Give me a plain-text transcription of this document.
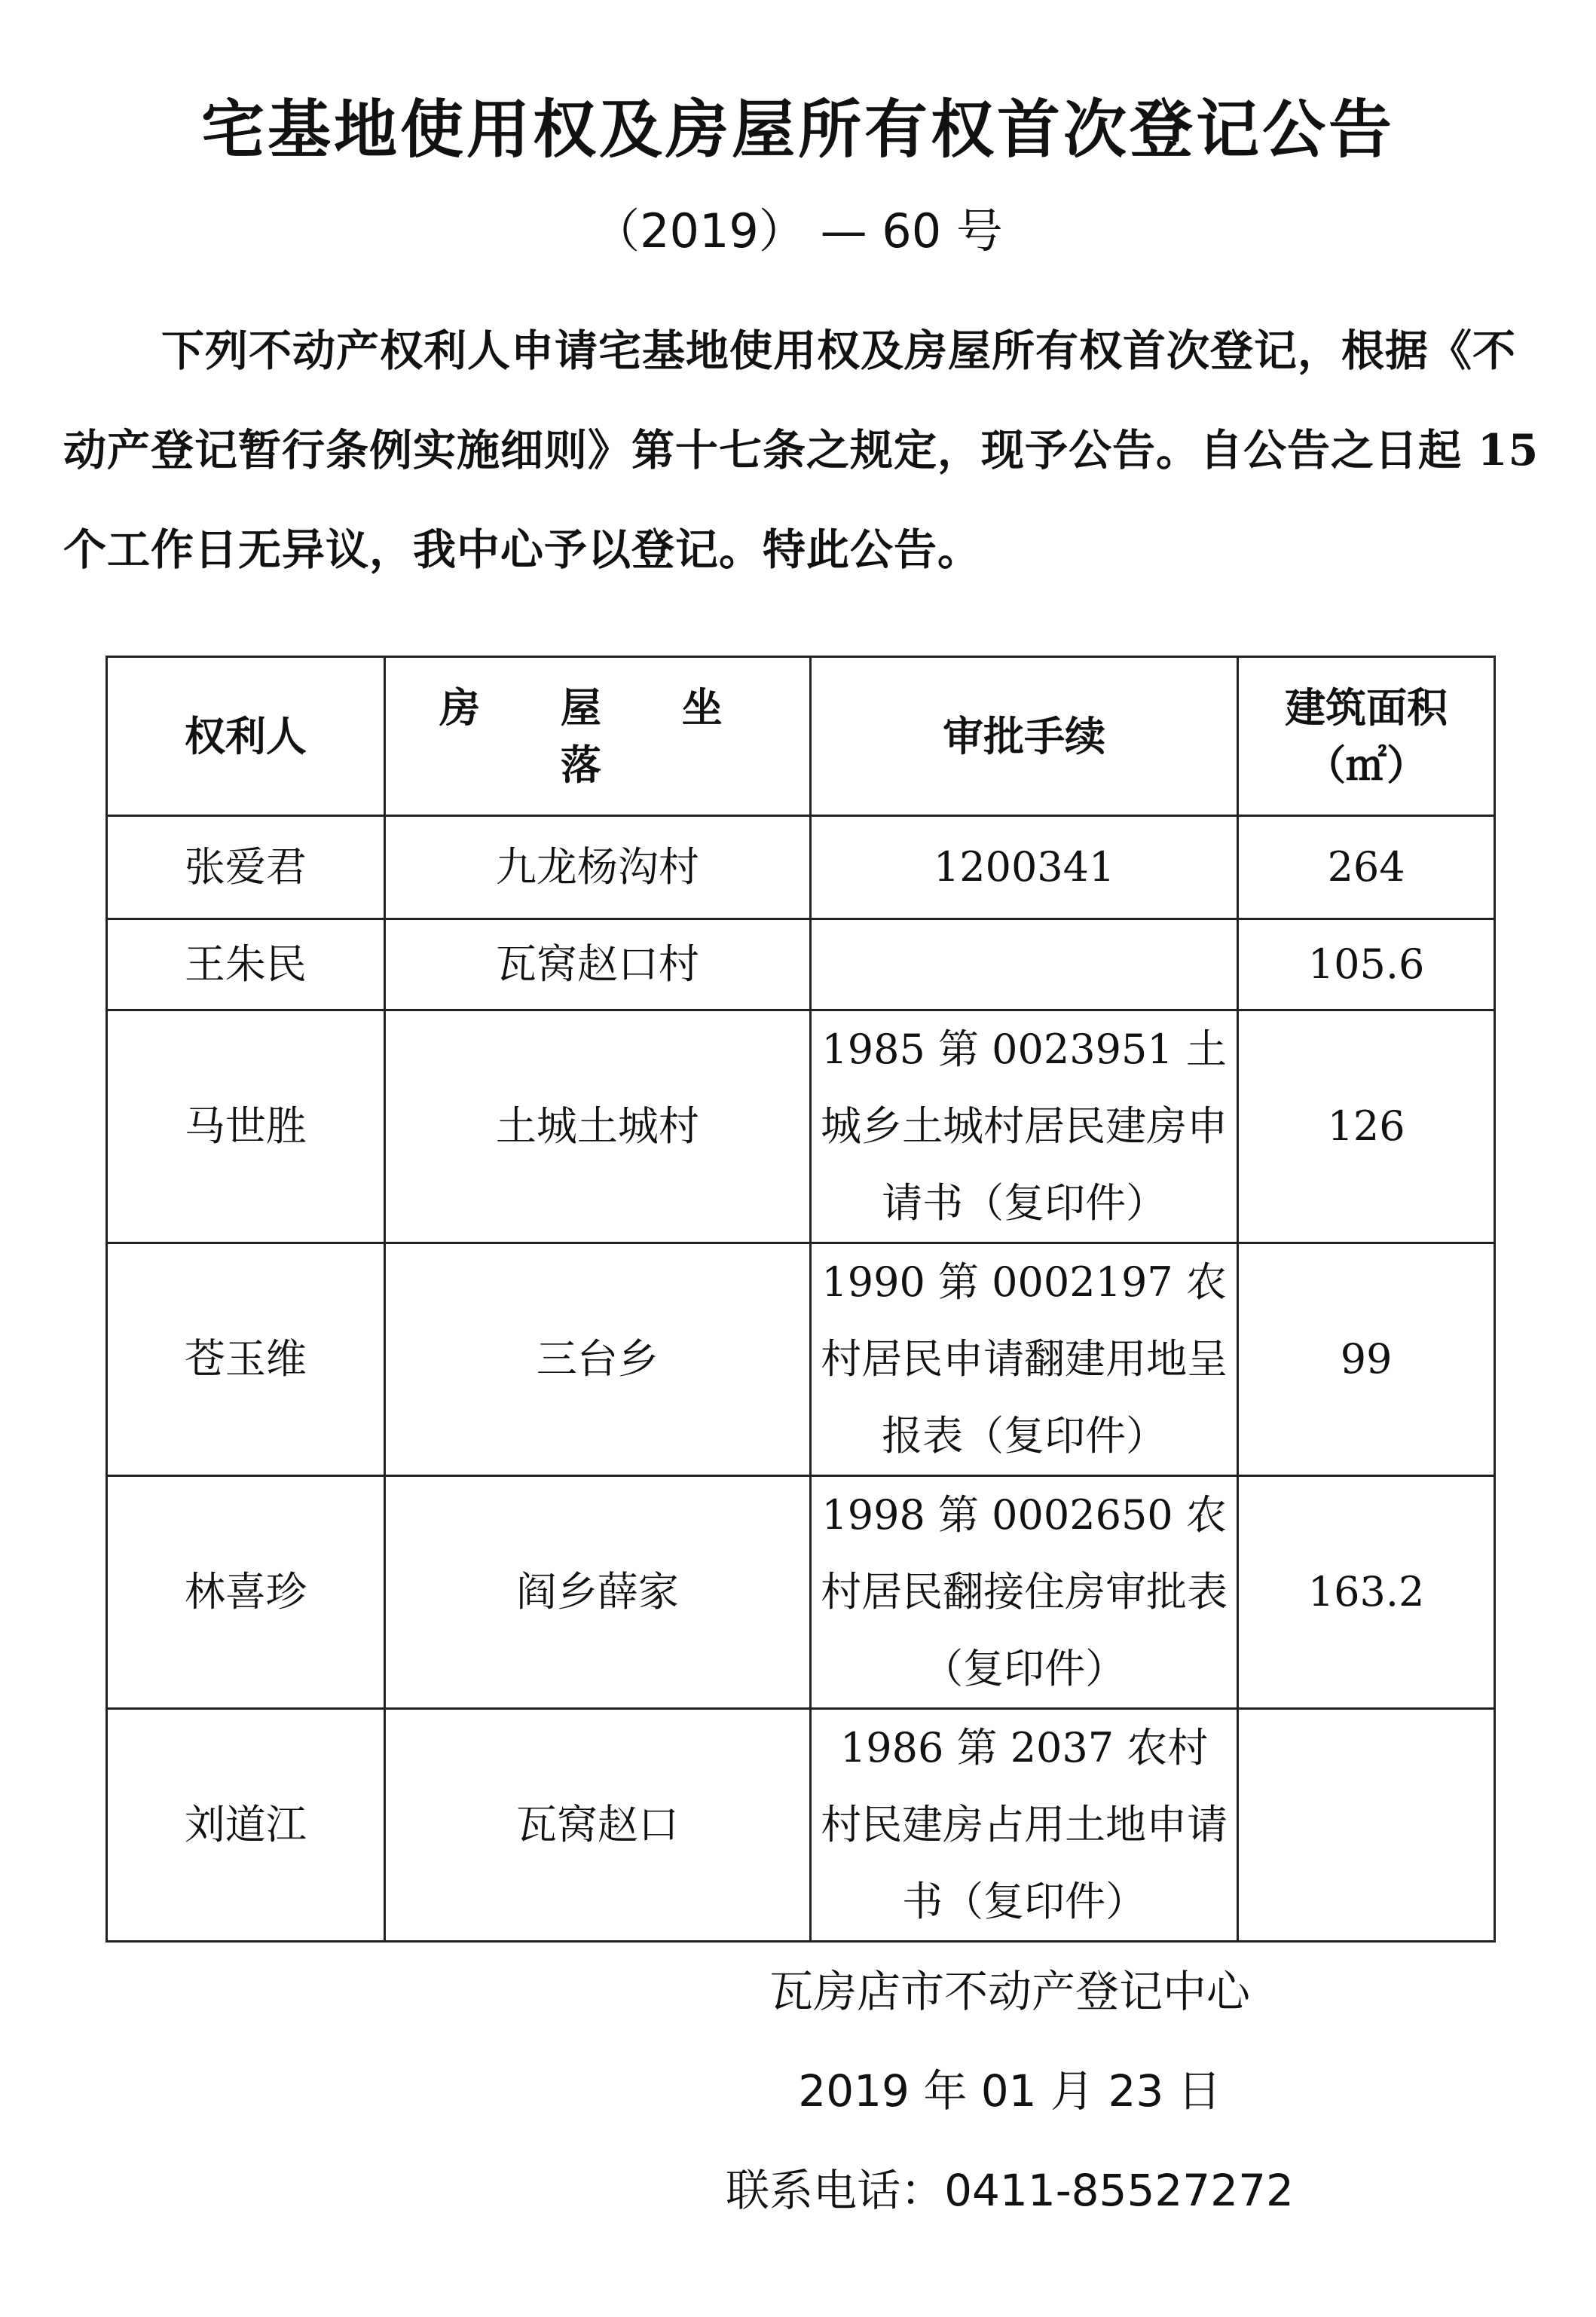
宅基地使用权及房屋所有权首次登记公告
（2019） — 60 号
下列不动产权利人申请宅基地使用权及房屋所有权首次登记，根据《不动产登记暂行条例实施细则》第十七条之规定，现予公告。自公告之日起 15 个工作日无异议，我中心予以登记。特此公告。
权利人	房 屋 坐 落	审批手续	建筑面积（㎡）
张爱君	九龙杨沟村	1200341	264
王朱民	瓦窝赵口村		105.6
马世胜	土城土城村	1985 第 0023951 土城乡土城村居民建房申请书（复印件）	126
苍玉维	三台乡	1990 第 0002197 农村居民申请翻建用地呈报表（复印件）	99
林喜珍	阎乡薛家	1998 第 0002650 农村居民翻接住房审批表（复印件）	163.2
刘道江	瓦窝赵口	1986 第 2037 农村村民建房占用土地申请书（复印件）	
瓦房店市不动产登记中心
2019 年 01 月 23 日
联系电话：0411-85527272
